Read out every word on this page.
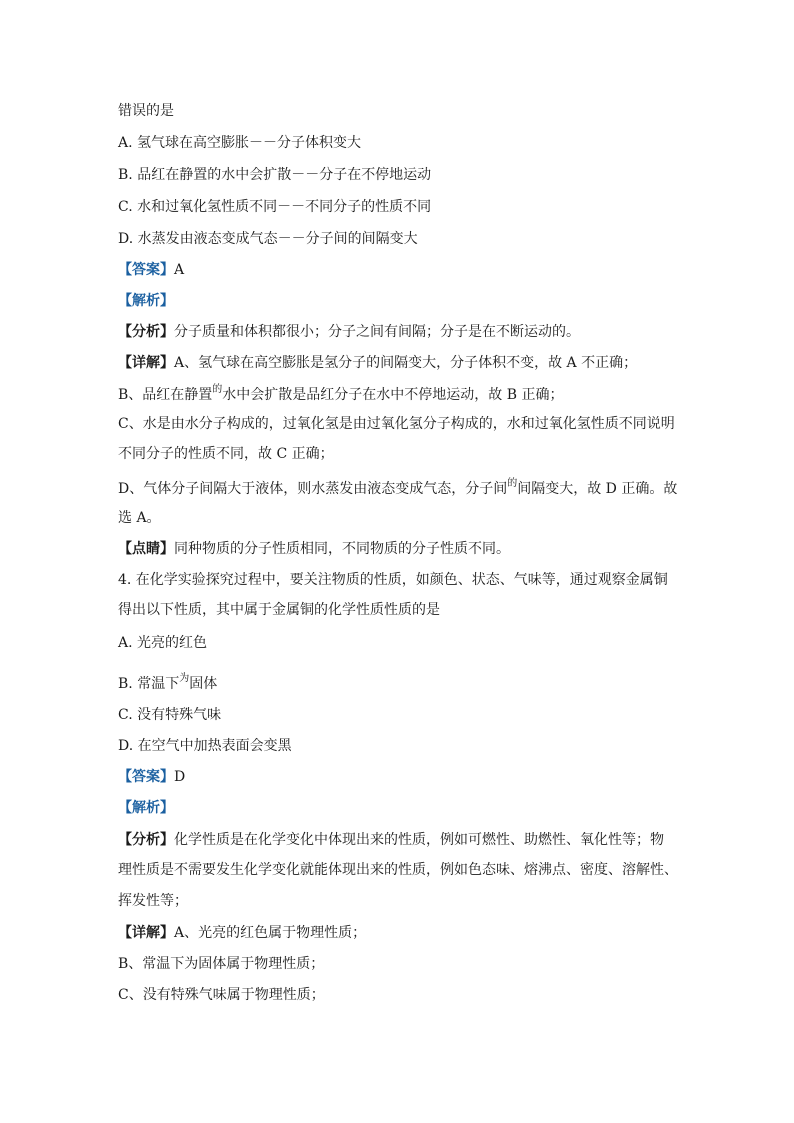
错误的是

A. 氢气球在高空膨胀－－分子体积变大

B. 品红在静置的水中会扩散－－分子在不停地运动

C. 水和过氧化氢性质不同－－不同分子的性质不同

D. 水蒸发由液态变成气态－－分子间的间隔变大

【答案】A

【解析】

【分析】分子质量和体积都很小；分子之间有间隔；分子是在不断运动的。

【详解】A、氢气球在高空膨胀是氢分子的间隔变大，分子体积不变，故 A 不正确；

B、品红在静置$^的$水中会扩散是品红分子在水中不停地运动，故 B 正确；

C、水是由水分子构成的，过氧化氢是由过氧化氢分子构成的，水和过氧化氢性质不同说明

不同分子的性质不同，故 C 正确；

D、气体分子间隔大于液体，则水蒸发由液态变成气态，分子间$^的$间隔变大，故 D 正确。故

选 A。

【点睛】同种物质的分子性质相同，不同物质的分子性质不同。

4. 在化学实验探究过程中，要关注物质的性质，如颜色、状态、气味等，通过观察金属铜

得出以下性质，其中属于金属铜的化学性质性质的是

A. 光亮的红色

B. 常温下$^为$固体

C. 没有特殊气味

D. 在空气中加热表面会变黑

【答案】D

【解析】

【分析】化学性质是在化学变化中体现出来的性质，例如可燃性、助燃性、氧化性等；物

理性质是不需要发生化学变化就能体现出来的性质，例如色态味、熔沸点、密度、溶解性、

挥发性等；

【详解】A、光亮的红色属于物理性质；

B、常温下为固体属于物理性质；

C、没有特殊气味属于物理性质；
